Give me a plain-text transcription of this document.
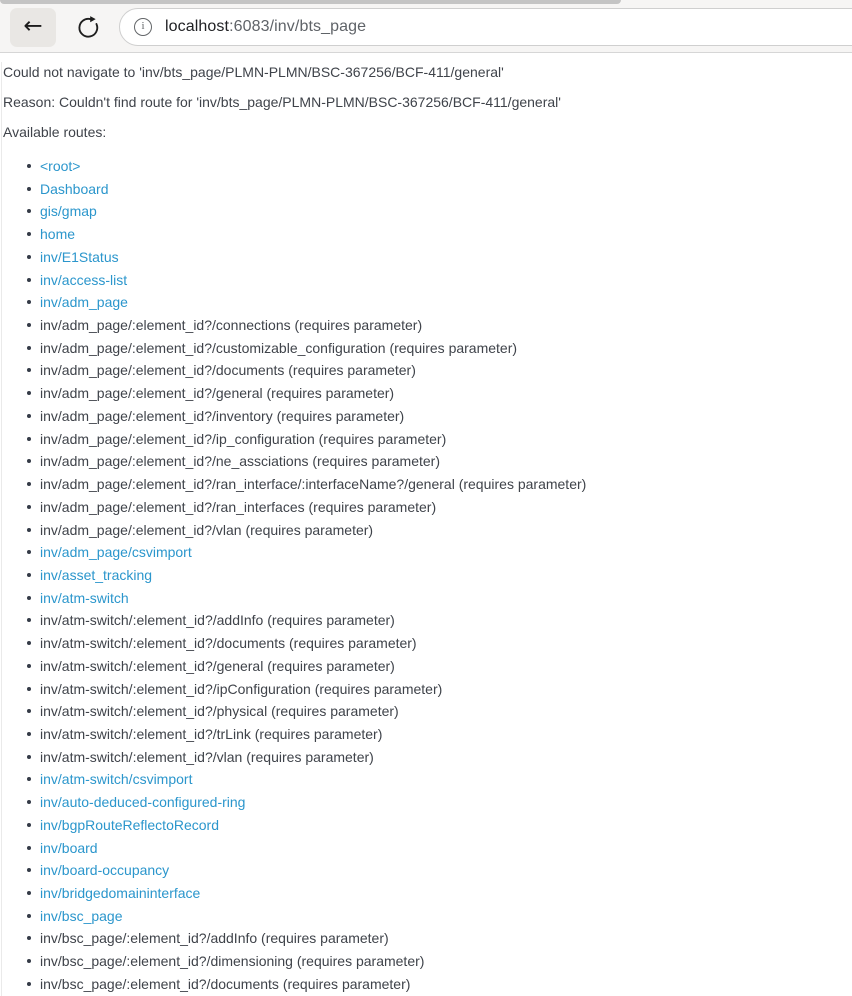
←	i	localhost:6083/inv/bts_page

Could not navigate to 'inv/bts_page/PLMN-PLMN/BSC-367256/BCF-411/general'

Reason: Couldn't find route for 'inv/bts_page/PLMN-PLMN/BSC-367256/BCF-411/general'

Available routes:

<root>
Dashboard
gis/gmap
home
inv/E1Status
inv/access-list
inv/adm_page
inv/adm_page/:element_id?/connections (requires parameter)
inv/adm_page/:element_id?/customizable_configuration (requires parameter)
inv/adm_page/:element_id?/documents (requires parameter)
inv/adm_page/:element_id?/general (requires parameter)
inv/adm_page/:element_id?/inventory (requires parameter)
inv/adm_page/:element_id?/ip_configuration (requires parameter)
inv/adm_page/:element_id?/ne_assciations (requires parameter)
inv/adm_page/:element_id?/ran_interface/:interfaceName?/general (requires parameter)
inv/adm_page/:element_id?/ran_interfaces (requires parameter)
inv/adm_page/:element_id?/vlan (requires parameter)
inv/adm_page/csvimport
inv/asset_tracking
inv/atm-switch
inv/atm-switch/:element_id?/addInfo (requires parameter)
inv/atm-switch/:element_id?/documents (requires parameter)
inv/atm-switch/:element_id?/general (requires parameter)
inv/atm-switch/:element_id?/ipConfiguration (requires parameter)
inv/atm-switch/:element_id?/physical (requires parameter)
inv/atm-switch/:element_id?/trLink (requires parameter)
inv/atm-switch/:element_id?/vlan (requires parameter)
inv/atm-switch/csvimport
inv/auto-deduced-configured-ring
inv/bgpRouteReflectoRecord
inv/board
inv/board-occupancy
inv/bridgedomaininterface
inv/bsc_page
inv/bsc_page/:element_id?/addInfo (requires parameter)
inv/bsc_page/:element_id?/dimensioning (requires parameter)
inv/bsc_page/:element_id?/documents (requires parameter)
